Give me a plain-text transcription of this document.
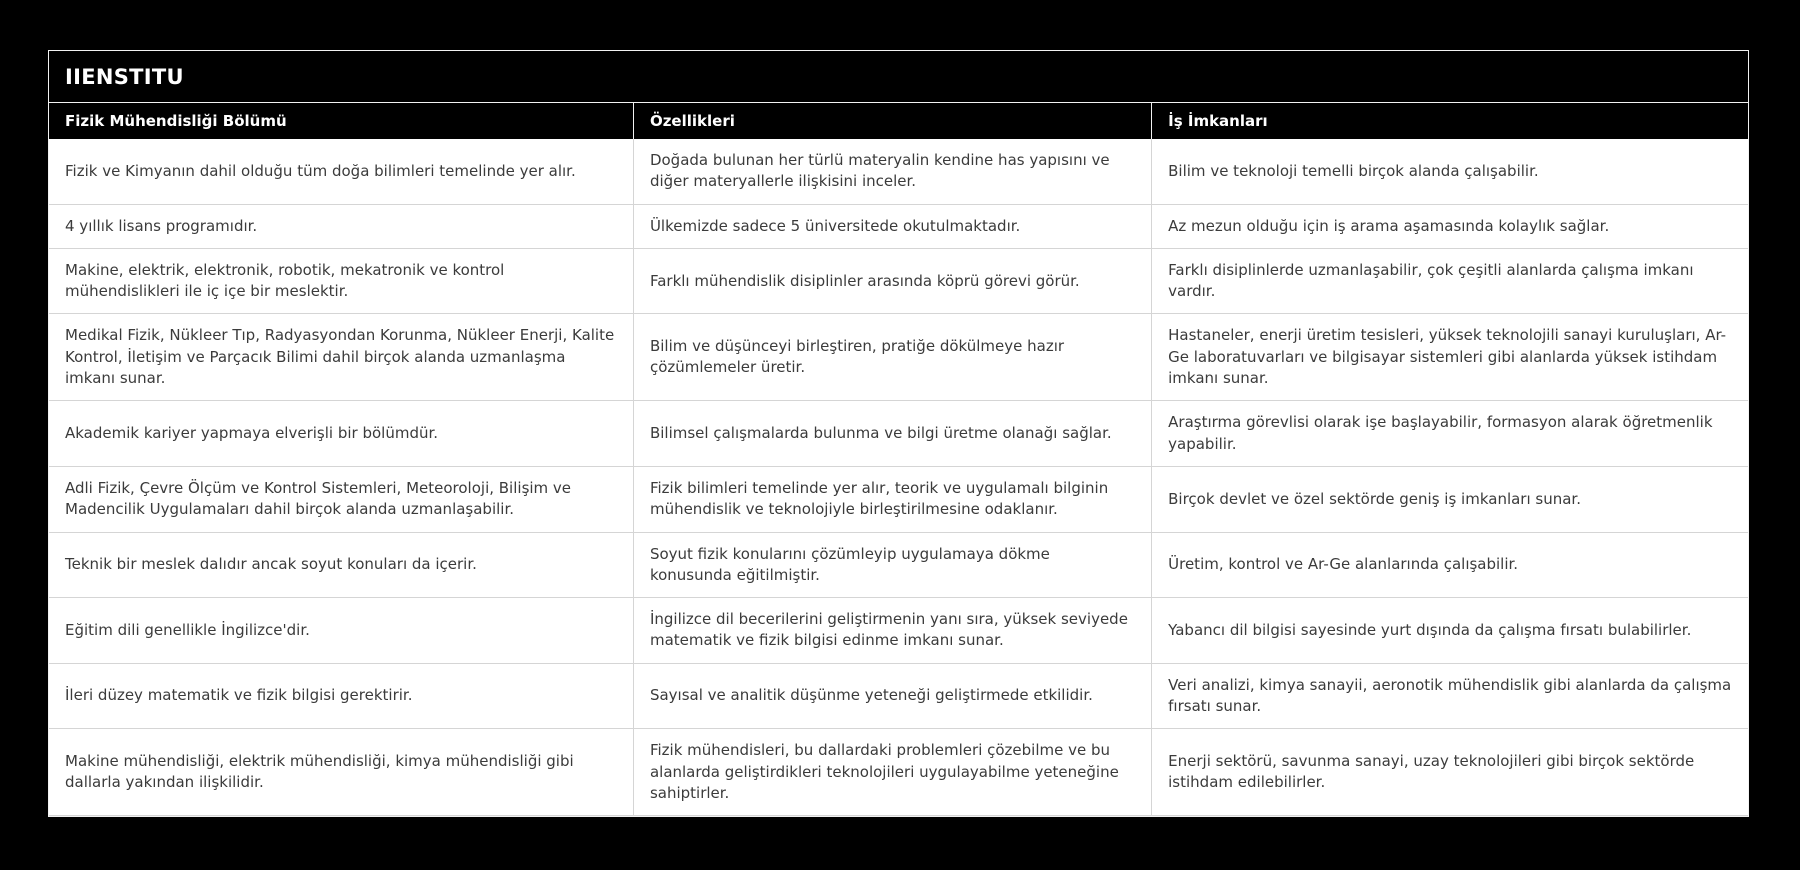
IIENSTITU
Fizik Mühendisliği Bölümü	Özellikleri	İş İmkanları
Fizik ve Kimyanın dahil olduğu tüm doğa bilimleri temelinde yer alır.	Doğada bulunan her türlü materyalin kendine has yapısını ve diğer materyallerle ilişkisini inceler.	Bilim ve teknoloji temelli birçok alanda çalışabilir.
4 yıllık lisans programıdır.	Ülkemizde sadece 5 üniversitede okutulmaktadır.	Az mezun olduğu için iş arama aşamasında kolaylık sağlar.
Makine, elektrik, elektronik, robotik, mekatronik ve kontrol mühendislikleri ile iç içe bir meslektir.	Farklı mühendislik disiplinler arasında köprü görevi görür.	Farklı disiplinlerde uzmanlaşabilir, çok çeşitli alanlarda çalışma imkanı vardır.
Medikal Fizik, Nükleer Tıp, Radyasyondan Korunma, Nükleer Enerji, Kalite Kontrol, İletişim ve Parçacık Bilimi dahil birçok alanda uzmanlaşma imkanı sunar.	Bilim ve düşünceyi birleştiren, pratiğe dökülmeye hazır çözümlemeler üretir.	Hastaneler, enerji üretim tesisleri, yüksek teknolojili sanayi kuruluşları, Ar-Ge laboratuvarları ve bilgisayar sistemleri gibi alanlarda yüksek istihdam imkanı sunar.
Akademik kariyer yapmaya elverişli bir bölümdür.	Bilimsel çalışmalarda bulunma ve bilgi üretme olanağı sağlar.	Araştırma görevlisi olarak işe başlayabilir, formasyon alarak öğretmenlik yapabilir.
Adli Fizik, Çevre Ölçüm ve Kontrol Sistemleri, Meteoroloji, Bilişim ve Madencilik Uygulamaları dahil birçok alanda uzmanlaşabilir.	Fizik bilimleri temelinde yer alır, teorik ve uygulamalı bilginin mühendislik ve teknolojiyle birleştirilmesine odaklanır.	Birçok devlet ve özel sektörde geniş iş imkanları sunar.
Teknik bir meslek dalıdır ancak soyut konuları da içerir.	Soyut fizik konularını çözümleyip uygulamaya dökme konusunda eğitilmiştir.	Üretim, kontrol ve Ar-Ge alanlarında çalışabilir.
Eğitim dili genellikle İngilizce'dir.	İngilizce dil becerilerini geliştirmenin yanı sıra, yüksek seviyede matematik ve fizik bilgisi edinme imkanı sunar.	Yabancı dil bilgisi sayesinde yurt dışında da çalışma fırsatı bulabilirler.
İleri düzey matematik ve fizik bilgisi gerektirir.	Sayısal ve analitik düşünme yeteneği geliştirmede etkilidir.	Veri analizi, kimya sanayii, aeronotik mühendislik gibi alanlarda da çalışma fırsatı sunar.
Makine mühendisliği, elektrik mühendisliği, kimya mühendisliği gibi dallarla yakından ilişkilidir.	Fizik mühendisleri, bu dallardaki problemleri çözebilme ve bu alanlarda geliştirdikleri teknolojileri uygulayabilme yeteneğine sahiptirler.	Enerji sektörü, savunma sanayi, uzay teknolojileri gibi birçok sektörde istihdam edilebilirler.
